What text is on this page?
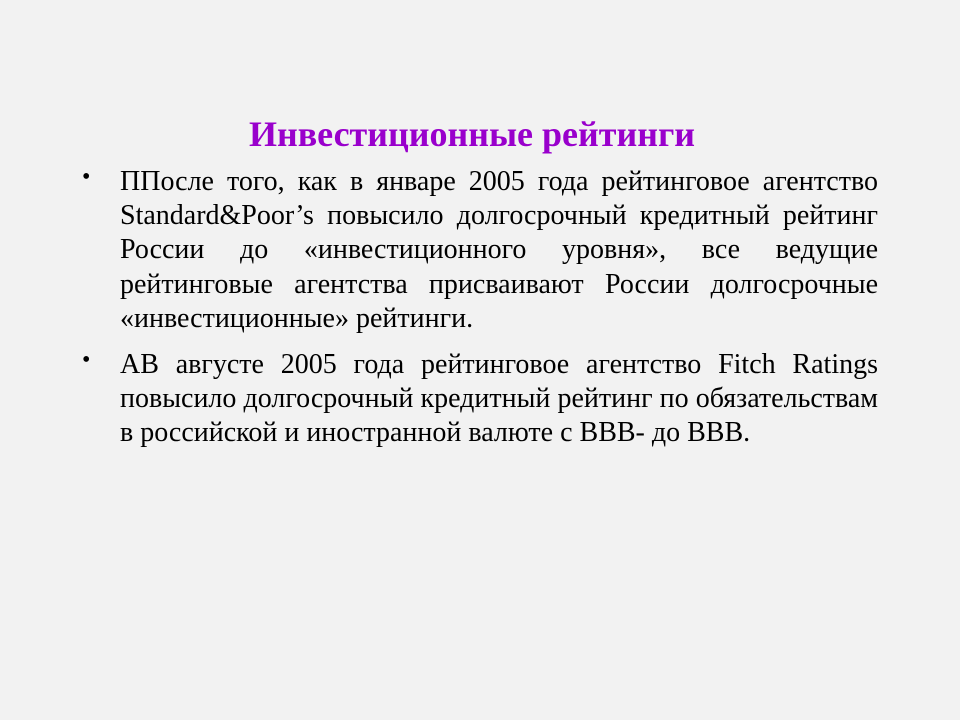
Инвестиционные рейтинги
• ППосле того, как в январе 2005 года рейтинговое агентство Standard&Poor’s повысило долгосрочный кредитный рейтинг России до «инвестиционного уровня», все ведущие рейтинговые агентства присваивают России долгосрочные «инвестиционные» рейтинги.
• АВ августе 2005 года рейтинговое агентство Fitch Ratings повысило долгосрочный кредитный рейтинг по обязательствам в российской и иностранной валюте с BBB- до BBB.
